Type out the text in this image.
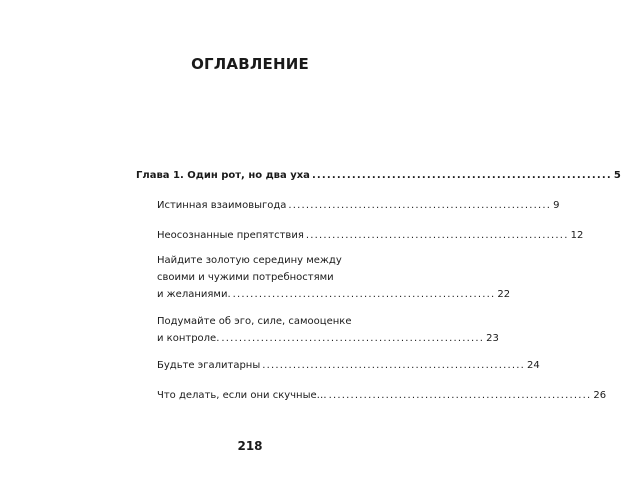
ОГЛАВЛЕНИЕ
Глава 1. Один рот, но два уха ............................................................ 5
Истинная взаимовыгода ............................................................ 9
Неосознанные препятствия ............................................................ 12
Найдите золотую середину между
своими и чужими потребностями
и желаниями. ............................................................ 22
Подумайте об эго, силе, самооценке
и контроле. ............................................................ 23
Будьте эгалитарны ............................................................ 24
Что делать, если они скучные… ............................................................ 26
218
